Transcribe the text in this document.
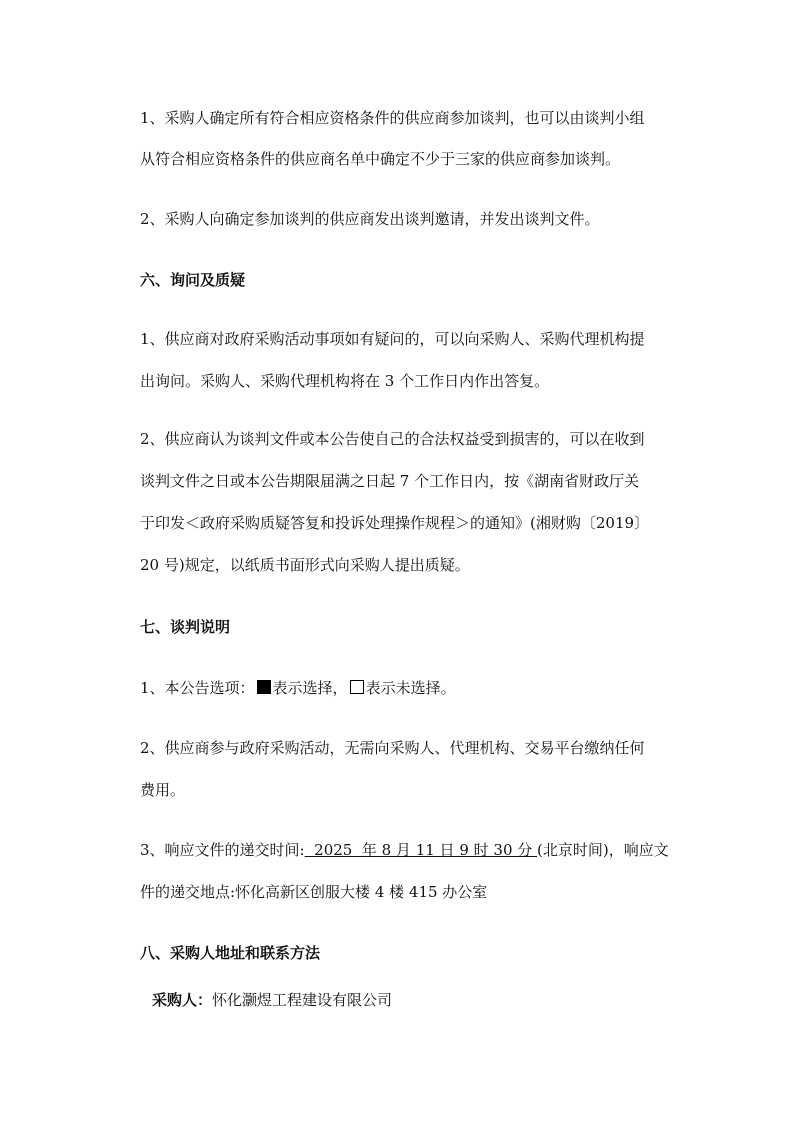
1、采购人确定所有符合相应资格条件的供应商参加谈判，也可以由谈判小组
从符合相应资格条件的供应商名单中确定不少于三家的供应商参加谈判。
2、采购人向确定参加谈判的供应商发出谈判邀请，并发出谈判文件。
六、询问及质疑
1、供应商对政府采购活动事项如有疑问的，可以向采购人、采购代理机构提
出询问。采购人、采购代理机构将在 3 个工作日内作出答复。
2、供应商认为谈判文件或本公告使自己的合法权益受到损害的，可以在收到
谈判文件之日或本公告期限届满之日起 7 个工作日内，按《湖南省财政厅关
于印发＜政府采购质疑答复和投诉处理操作规程＞的通知》(湘财购〔2019〕
20 号)规定，以纸质书面形式向采购人提出质疑。
七、谈判说明
1、本公告选项： 表示选择， 表示未选择。
2、供应商参与政府采购活动，无需向采购人、代理机构、交易平台缴纳任何
费用。
3、响应文件的递交时间:  2025  年 8 月 11 日 9 时 30 分 (北京时间)，响应文
件的递交地点:怀化高新区创服大楼 4 楼 415 办公室
八、采购人地址和联系方法
采购人：怀化灏煜工程建设有限公司
